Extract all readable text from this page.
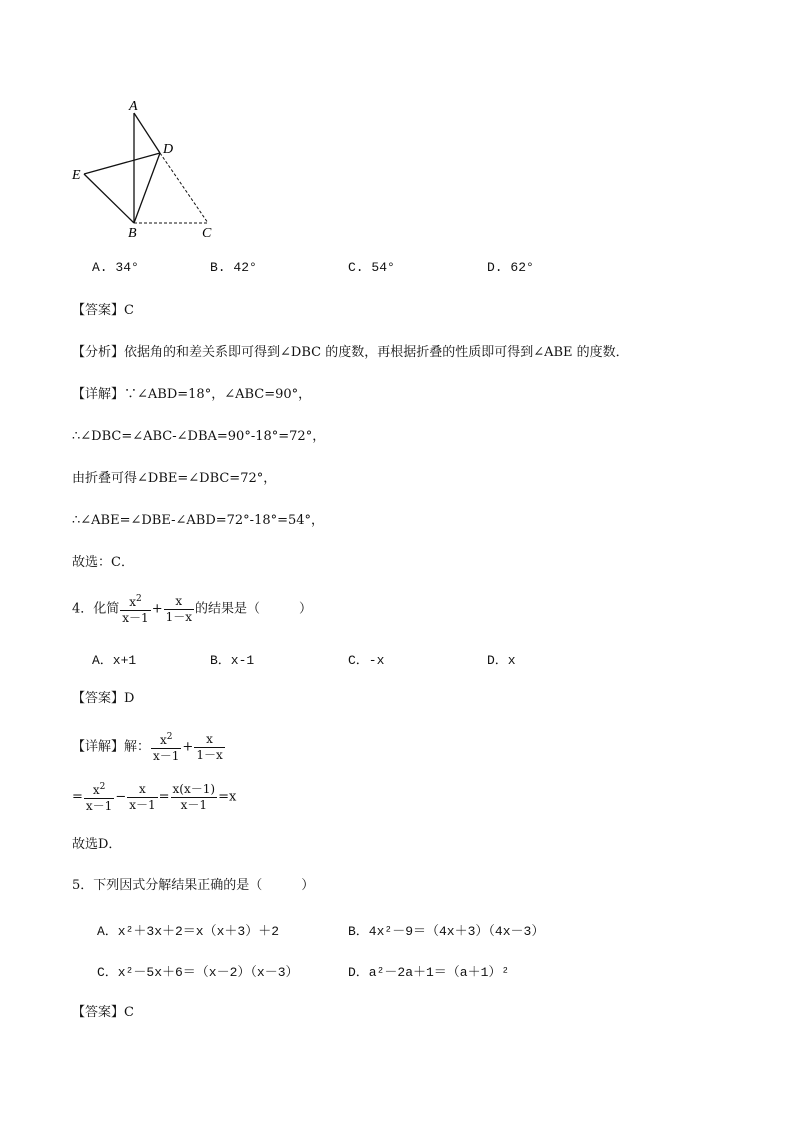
A
B	C
D
E
A. 34°	B. 42°	C. 54°	D. 62°
【答案】C
【分析】依据角的和差关系即可得到∠DBC 的度数，再根据折叠的性质即可得到∠ABE 的度数．
【详解】∵∠ABD=18°，∠ABC=90°，
∴∠DBC=∠ABC-∠DBA=90°-18°=72°，
由折叠可得∠DBE=∠DBC=72°，
∴∠ABE=∠DBE-∠ABD=72°-18°=54°，
故选：C．
4．化简 $\frac{x^2}{x-1} + \frac{x}{1-x}$ 的结果是（　　　）
A．x+1	B．x-1	C．-x	D．x
【答案】D
【详解】解： $\frac{x^2}{x-1} + \frac{x}{1-x}$
= $\frac{x^2}{x-1} - \frac{x}{x-1} = \frac{x(x-1)}{x-1} =x$
故选D．
5．下列因式分解结果正确的是（　　　）
A．x²＋3x＋2＝x（x＋3）＋2	B．4x²－9＝（4x＋3）（4x－3）
C．x²－5x＋6＝（x－2）（x－3）	D．a²－2a＋1＝（a＋1）²
【答案】C
